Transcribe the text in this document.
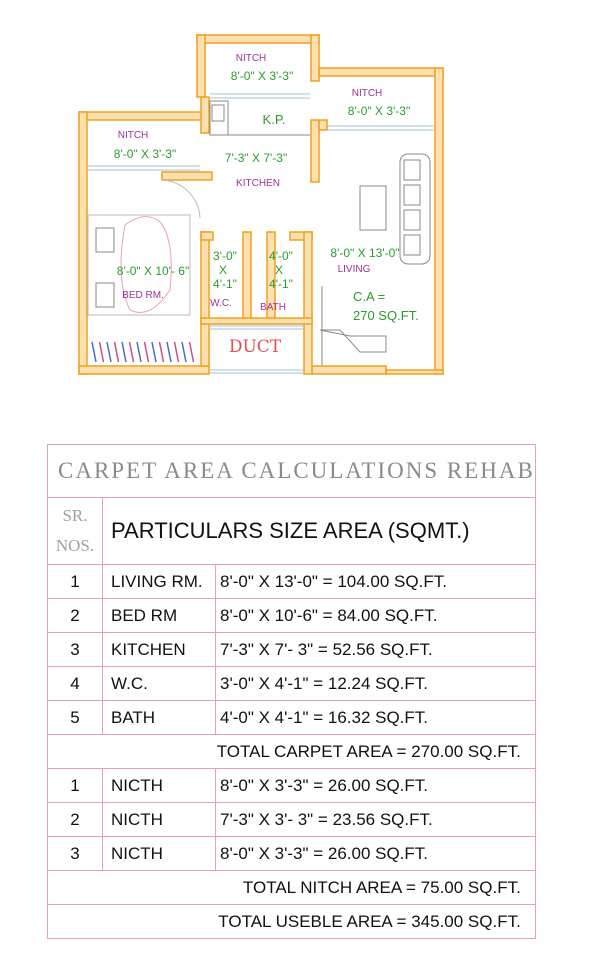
NITCH
8'-0" X 3'-3"
NITCH
8'-0" X 3'-3"
NITCH
8'-0" X 3'-3"
K.P.
7'-3" X 7'-3"
KITCHEN
8'-0" X 10'- 6"
BED RM.
3'-0"
X
4'-1"
W.C.
4'-0"
X
4'-1"
BATH
8'-0" X 13'-0"
LIVING
C.A =
270 SQ.FT.
DUCT
CARPET AREA CALCULATIONS REHAB		

SR.
NOS.	PARTICULARS SIZE AREA (SQMT.)	
1	LIVING RM.	8'-0" X 13'-0" = 104.00 SQ.FT.
2	BED RM	8'-0" X 10'-6" = 84.00 SQ.FT.
3	KITCHEN	7'-3" X 7'- 3" = 52.56 SQ.FT.
4	W.C.	3'-0" X 4'-1" = 12.24 SQ.FT.
5	BATH	4'-0" X 4'-1" = 16.32 SQ.FT.
TOTAL CARPET AREA = 270.00 SQ.FT.		
1	NICTH	8'-0" X 3'-3" = 26.00 SQ.FT.
2	NICTH	7'-3" X 3'- 3" = 23.56 SQ.FT.
3	NICTH	8'-0" X 3'-3" = 26.00 SQ.FT.
TOTAL NITCH AREA = 75.00 SQ.FT.		
TOTAL USEBLE AREA = 345.00 SQ.FT.		
